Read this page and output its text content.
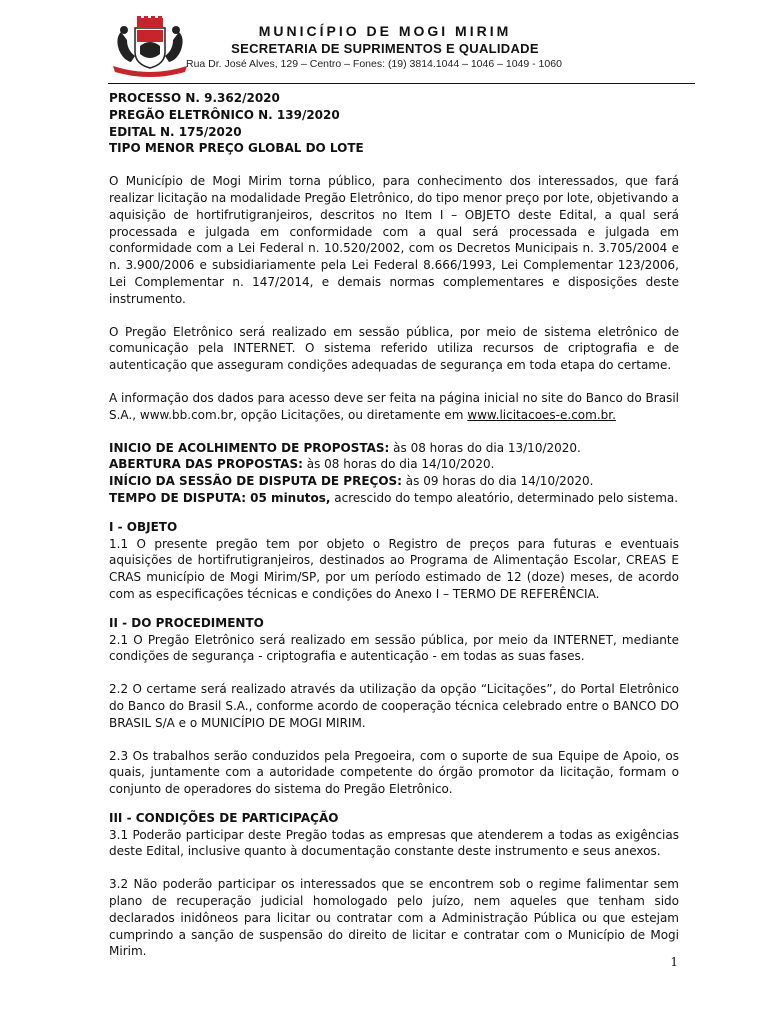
MUNICÍPIO DE MOGI MIRIM
SECRETARIA DE SUPRIMENTOS E QUALIDADE
Rua Dr. José Alves, 129 – Centro – Fones: (19) 3814.1044 – 1046 – 1049 - 1060

PROCESSO N. 9.362/2020

PREGÃO ELETRÔNICO N. 139/2020

EDITAL N. 175/2020

TIPO MENOR PREÇO GLOBAL DO LOTE

O Município de Mogi Mirim torna público, para conhecimento dos interessados, que fará realizar licitação na modalidade Pregão Eletrônico, do tipo menor preço por lote, objetivando a aquisição de hortifrutigranjeiros, descritos no Item I – OBJETO deste Edital, a qual será processada e julgada em conformidade com a qual será processada e julgada em conformidade com a Lei Federal n. 10.520/2002, com os Decretos Municipais n. 3.705/2004 e n. 3.900/2006 e subsidiariamente pela Lei Federal 8.666/1993, Lei Complementar 123/2006, Lei Complementar n. 147/2014, e demais normas complementares e disposições deste instrumento.

O Pregão Eletrônico será realizado em sessão pública, por meio de sistema eletrônico de comunicação pela INTERNET. O sistema referido utiliza recursos de criptografia e de autenticação que asseguram condições adequadas de segurança em toda etapa do certame.

A informação dos dados para acesso deve ser feita na página inicial no site do Banco do Brasil S.A., www.bb.com.br, opção Licitações, ou diretamente em www.licitacoes-e.com.br.

INICIO DE ACOLHIMENTO DE PROPOSTAS: às 08 horas do dia 13/10/2020.

ABERTURA DAS PROPOSTAS: às 08 horas do dia 14/10/2020.

INÍCIO DA SESSÃO DE DISPUTA DE PREÇOS: às 09 horas do dia 14/10/2020.

TEMPO DE DISPUTA: 05 minutos, acrescido do tempo aleatório, determinado pelo sistema.

I - OBJETO

1.1 O presente pregão tem por objeto o Registro de preços para futuras e eventuais aquisições de hortifrutigranjeiros, destinados ao Programa de Alimentação Escolar, CREAS E CRAS município de Mogi Mirim/SP, por um período estimado de 12 (doze) meses, de acordo com as especificações técnicas e condições do Anexo I – TERMO DE REFERÊNCIA.

II - DO PROCEDIMENTO

2.1 O Pregão Eletrônico será realizado em sessão pública, por meio da INTERNET, mediante condições de segurança - criptografia e autenticação - em todas as suas fases.

2.2 O certame será realizado através da utilização da opção “Licitações”, do Portal Eletrônico do Banco do Brasil S.A., conforme acordo de cooperação técnica celebrado entre o BANCO DO BRASIL S/A e o MUNICÍPIO DE MOGI MIRIM.

2.3 Os trabalhos serão conduzidos pela Pregoeira, com o suporte de sua Equipe de Apoio, os quais, juntamente com a autoridade competente do órgão promotor da licitação, formam o conjunto de operadores do sistema do Pregão Eletrônico.

III - CONDIÇÕES DE PARTICIPAÇÃO

3.1 Poderão participar deste Pregão todas as empresas que atenderem a todas as exigências deste Edital, inclusive quanto à documentação constante deste instrumento e seus anexos.

3.2 Não poderão participar os interessados que se encontrem sob o regime falimentar sem plano de recuperação judicial homologado pelo juízo, nem aqueles que tenham sido declarados inidôneos para licitar ou contratar com a Administração Pública ou que estejam cumprindo a sanção de suspensão do direito de licitar e contratar com o Município de Mogi Mirim.

1
